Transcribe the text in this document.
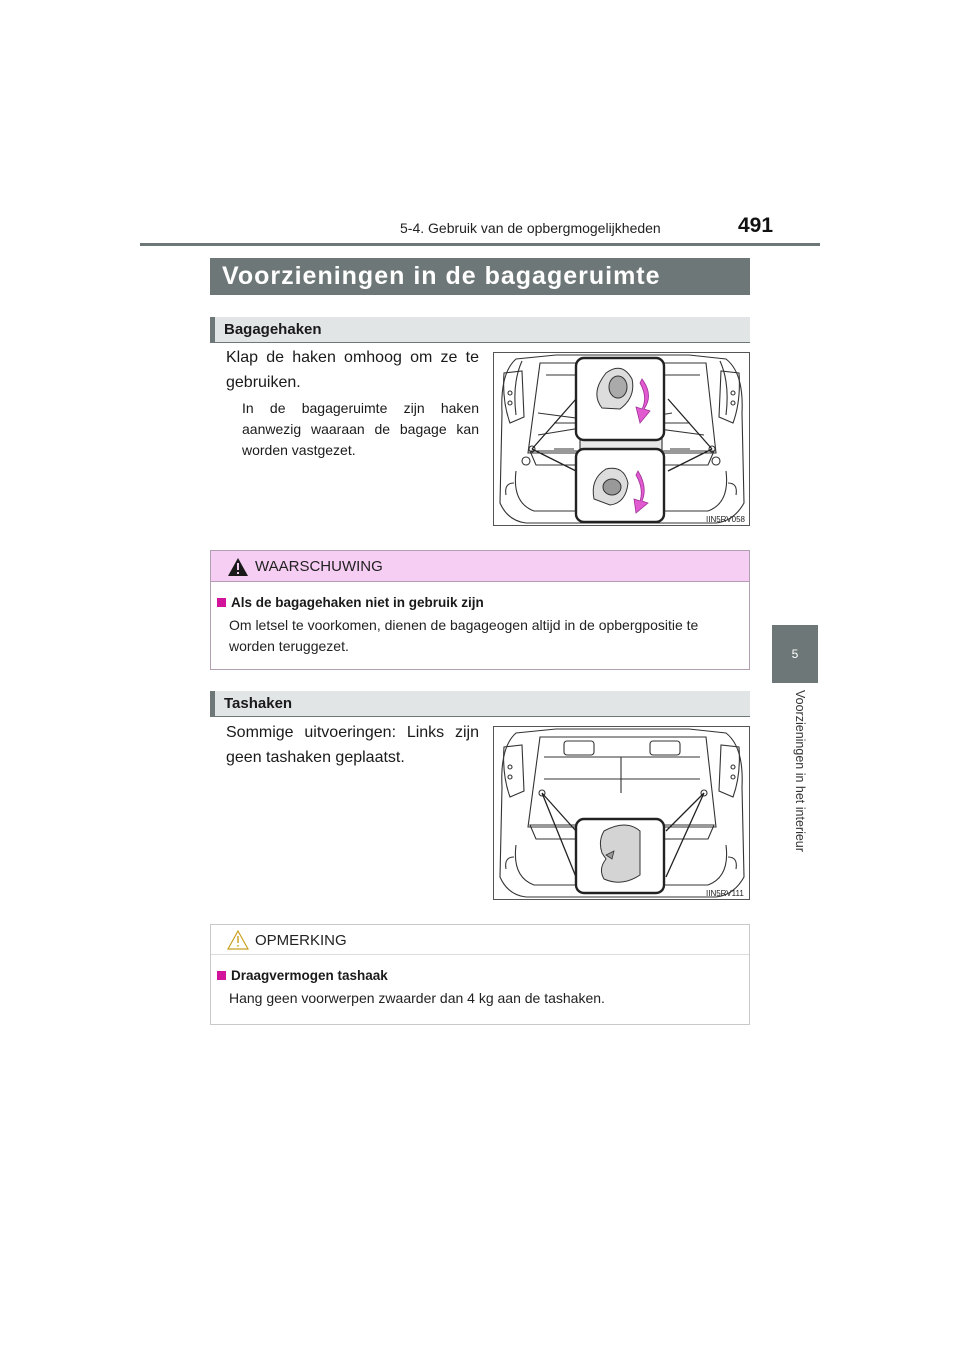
5-4. Gebruik van de opbergmogelijkheden	491
5
Voorzieningen in het interieur
Voorzieningen in de bagageruimte
Bagagehaken
Klap de haken omhoog om ze te gebruiken.
In de bagageruimte zijn haken aanwezig waaraan de bagage kan worden vastgezet.
IIN5RV058
WAARSCHUWING
Als de bagagehaken niet in gebruik zijn
Om letsel te voorkomen, dienen de bagageogen altijd in de opbergpositie te worden teruggezet.
Tashaken
Sommige uitvoeringen: Links zijn geen tashaken geplaatst.
IIN5RV111
OPMERKING
Draagvermogen tashaak
Hang geen voorwerpen zwaarder dan 4 kg aan de tashaken.
